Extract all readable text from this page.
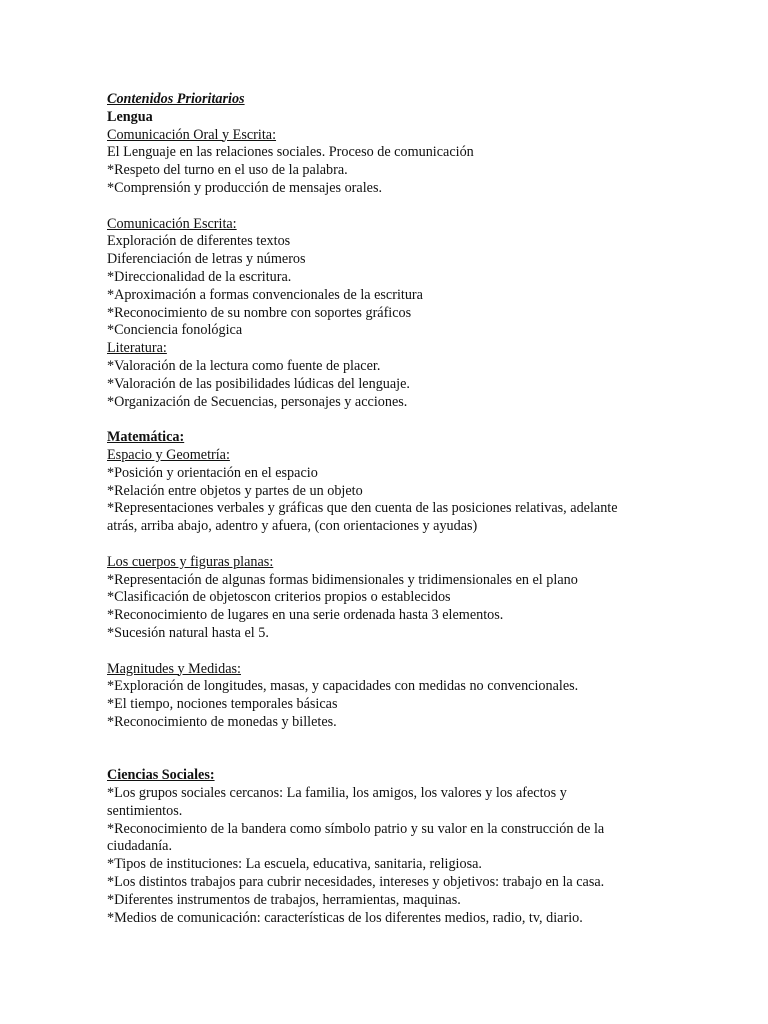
Contenidos Prioritarios
Lengua
Comunicación Oral y Escrita:
El Lenguaje en las relaciones sociales. Proceso de comunicación
*Respeto del turno en el uso de la palabra.
*Comprensión y producción de mensajes orales.
Comunicación Escrita:
Exploración de diferentes textos
Diferenciación de letras y números
*Direccionalidad de la escritura.
*Aproximación a formas convencionales de la escritura
*Reconocimiento de su nombre con soportes gráficos
*Conciencia fonológica
Literatura:
*Valoración de la lectura como fuente de placer.
*Valoración de las posibilidades lúdicas del lenguaje.
*Organización de Secuencias, personajes y acciones.
Matemática:
Espacio y Geometría:
*Posición y orientación en el espacio
*Relación entre objetos y partes de un objeto
*Representaciones verbales y gráficas que den cuenta de las posiciones relativas, adelante
atrás, arriba abajo, adentro y afuera, (con orientaciones y ayudas)
Los cuerpos y figuras planas:
*Representación de algunas formas bidimensionales y tridimensionales en el plano
*Clasificación de objetoscon criterios propios o establecidos
*Reconocimiento de lugares en una serie ordenada hasta 3 elementos.
*Sucesión natural hasta el 5.
Magnitudes y Medidas:
*Exploración de longitudes, masas, y capacidades con medidas no convencionales.
*El tiempo, nociones temporales básicas
*Reconocimiento de monedas y billetes.
Ciencias Sociales:
*Los grupos sociales cercanos: La familia, los amigos, los valores y los afectos y
sentimientos.
*Reconocimiento de la bandera como símbolo patrio y su valor en la construcción de la
ciudadanía.
*Tipos de instituciones: La escuela, educativa, sanitaria, religiosa.
*Los distintos trabajos para cubrir necesidades, intereses y objetivos: trabajo en la casa.
*Diferentes instrumentos de trabajos, herramientas, maquinas.
*Medios de comunicación: características de los diferentes medios, radio, tv, diario.
